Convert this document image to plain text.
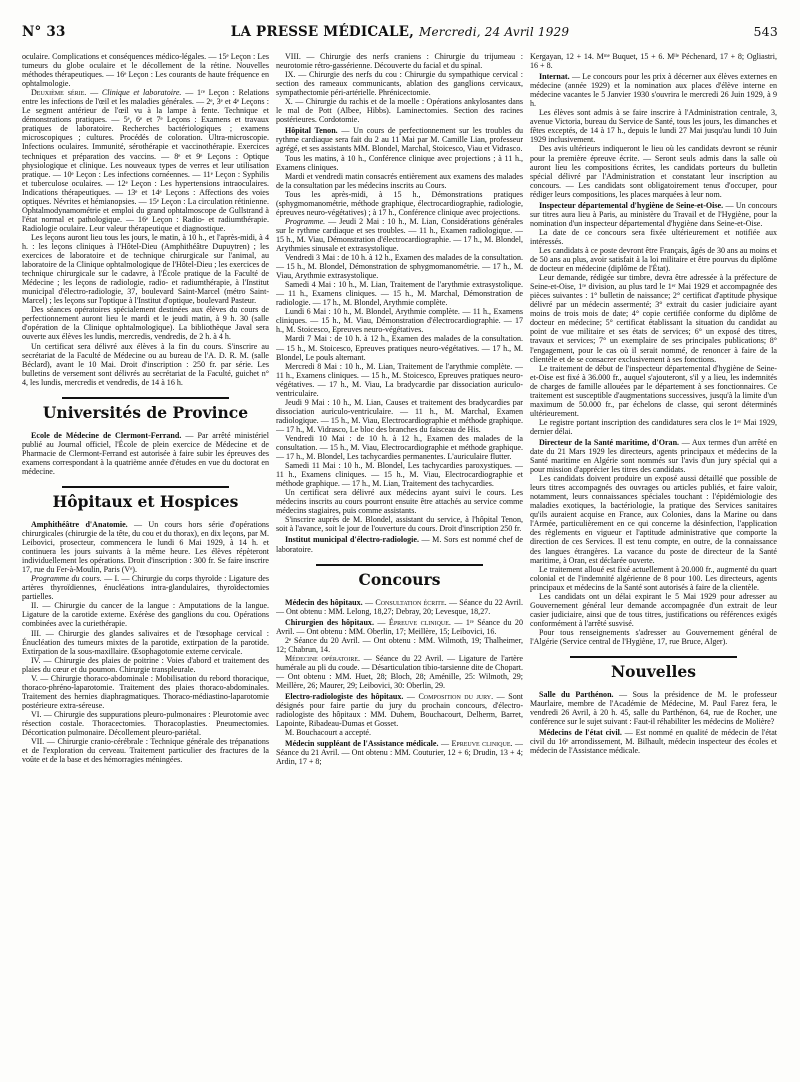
N° 33	LA PRESSE MÉDICALE, Mercredi, 24 Avril 1929	543

oculaire. Complications et conséquences médico-légales. — 15ᵉ Leçon : Les tumeurs du globe oculaire et le décollement de la rétine. Nouvelles méthodes thérapeutiques. — 16ᵉ Leçon : Les courants de haute fréquence en ophtalmologie.

Deuxième série. — Clinique et laboratoire. — 1ʳᵉ Leçon : Relations entre les infections de l'œil et les maladies générales. — 2ᵉ, 3ᵉ et 4ᵉ Leçons : Le segment antérieur de l'œil vu à la lampe à fente. Technique et démonstrations pratiques. — 5ᵉ, 6ᵉ et 7ᵉ Leçons : Examens et travaux pratiques de laboratoire. Recherches bactériologiques ; examens microscopiques ; cultures. Procédés de coloration. Ultra-microscopie. Infections oculaires. Immunité, sérothérapie et vaccinothérapie. Exercices techniques et préparation des vaccins. — 8ᵉ et 9ᵉ Leçons : Optique physiologique et clinique. Les nouveaux types de verres et leur utilisation pratique. — 10ᵉ Leçon : Les infections cornéennes. — 11ᵉ Leçon : Syphilis et tuberculose oculaires. — 12ᵉ Leçon : Les hypertensions intraoculaires. Indications thérapeutiques. — 13ᵉ et 14ᵉ Leçons : Affections des voies optiques. Névrites et hémianopsies. — 15ᵉ Leçon : La circulation rétinienne. Ophtalmodynamométrie et emploi du grand ophtalmoscope de Gullstrand à l'état normal et pathologique. — 16ᵉ Leçon : Radio- et radiumthérapie. Radiologie oculaire. Leur valeur thérapeutique et diagnostique.

Les leçons auront lieu tous les jours, le matin, à 10 h., et l'après-midi, à 4 h. : les leçons cliniques à l'Hôtel-Dieu (Amphithéâtre Dupuytren) ; les exercices de laboratoire et de technique chirurgicale sur l'animal, au laboratoire de la Clinique ophtalmologique de l'Hôtel-Dieu ; les exercices de technique chirurgicale sur le cadavre, à l'École pratique de la Faculté de Médecine ; les leçons de radiologie, radio- et radiumthérapie, à l'Institut municipal d'électro-radiologie, 37, boulevard Saint-Marcel (métro Saint-Marcel) ; les leçons sur l'optique à l'Institut d'optique, boulevard Pasteur.

Des séances opératoires spécialement destinées aux élèves du cours de perfectionnement auront lieu le mardi et le jeudi matin, à 9 h. 30 (salle d'opération de la Clinique ophtalmologique). La bibliothèque Javal sera ouverte aux élèves les lundis, mercredis, vendredis, de 2 h. à 4 h.

Un certificat sera délivré aux élèves à la fin du cours. S'inscrire au secrétariat de la Faculté de Médecine ou au bureau de l'A. D. R. M. (salle Béclard), avant le 10 Mai. Droit d'inscription : 250 fr. par série. Les bulletins de versement sont délivrés au secrétariat de la Faculté, guichet n° 4, les lundis, mercredis et vendredis, de 14 à 16 h.

Universités de Province

Ecole de Médecine de Clermont-Ferrand. — Par arrêté ministériel publié au Journal officiel, l'École de plein exercice de Médecine et de Pharmacie de Clermont-Ferrand est autorisée à faire subir les épreuves des examens correspondant à la quatrième année d'études en vue du doctorat en médecine.

Hôpitaux et Hospices

Amphithéâtre d'Anatomie. — Un cours hors série d'opérations chirurgicales (chirurgie de la tête, du cou et du thorax), en dix leçons, par M. Leibovici, prosecteur, commencera le lundi 6 Mai 1929, à 14 h. et continuera les jours suivants à la même heure. Les élèves répèteront individuellement les opérations. Droit d'inscription : 300 fr. Se faire inscrire 17, rue du Fer-à-Moulin, Paris (Vᵉ).

Programme du cours. — I. — Chirurgie du corps thyroïde : Ligature des artères thyroïdiennes, énucléations intra-glandulaires, thyroïdectomies partielles.

II. — Chirurgie du cancer de la langue : Amputations de la langue. Ligature de la carotide externe. Exérèse des ganglions du cou. Opérations combinées avec la curiethérapie.

III. — Chirurgie des glandes salivaires et de l'œsophage cervical : Énucléation des tumeurs mixtes de la parotide, extirpation de la parotide. Extirpation de la sous-maxillaire. Œsophagotomie externe cervicale.

IV. — Chirurgie des plaies de poitrine : Voies d'abord et traitement des plaies du cœur et du poumon. Chirurgie transpleurale.

V. — Chirurgie thoraco-abdominale : Mobilisation du rebord thoracique, thoraco-phréno-laparotomie. Traitement des plaies thoraco-abdominales. Traitement des hernies diaphragmatiques. Thoraco-médiastino-laparotomie postérieure extra-séreuse.

VI. — Chirurgie des suppurations pleuro-pulmonaires : Pleurotomie avec résection costale. Thoracectomies. Thoracoplasties. Pneumectomies. Décortication pulmonaire. Décollement pleuro-pariétal.

VII. — Chirurgie cranio-cérébrale : Technique générale des trépanations et de l'exploration du cerveau. Traitement particulier des fractures de la voûte et de la base et des hémorragies méningées.

VIII. — Chirurgie des nerfs craniens : Chirurgie du trijumeau : neurotomie rétro-gassérienne. Découverte du facial et du spinal.

IX. — Chirurgie des nerfs du cou : Chirurgie du sympathique cervical : section des rameaux communicants, ablation des ganglions cervicaux, sympathectomie péri-artérielle. Phrénicectomie.

X. — Chirurgie du rachis et de la moelle : Opérations ankylosantes dans le mal de Pott (Albee, Hibbs). Laminectomies. Section des racines postérieures. Cordotomie.

Hôpital Tenon. — Un cours de perfectionnement sur les troubles du rythme cardiaque sera fait du 2 au 11 Mai par M. Camille Lian, professeur agrégé, et ses assistants MM. Blondel, Marchal, Stoicesco, Viau et Vidrasco.

Tous les matins, à 10 h., Conférence clinique avec projections ; à 11 h., Examens cliniques.

Mardi et vendredi matin consacrés entièrement aux examens des malades de la consultation par les médecins inscrits au Cours.

Tous les après-midi, à 15 h., Démonstrations pratiques (sphygmomanométrie, méthode graphique, électrocardiographie, radiologie, épreuves neuro-végétatives) ; à 17 h., Conférence clinique avec projections.

Programme. — Jeudi 2 Mai : 10 h., M. Lian, Considérations générales sur le rythme cardiaque et ses troubles. — 11 h., Examen radiologique. — 15 h., M. Viau, Démonstration d'électrocardiographie. — 17 h., M. Blondel, Arythmies sinusale et extrasystolique.

Vendredi 3 Mai : de 10 h. à 12 h., Examen des malades de la consultation. — 15 h., M. Blondel, Démonstration de sphygmomanométrie. — 17 h., M. Viau, Arythmie extrasystolique.

Samedi 4 Mai : 10 h., M. Lian, Traitement de l'arythmie extrasystolique. — 11 h., Examens cliniques. — 15 h., M. Marchal, Démonstration de radiologie. — 17 h., M. Blondel, Arythmie complète.

Lundi 6 Mai : 10 h., M. Blondel, Arythmie complète. — 11 h., Examens cliniques. — 15 h., M. Viau, Démonstration d'électrocardiographie. — 17 h., M. Stoicesco, Epreuves neuro-végétatives.

Mardi 7 Mai : de 10 h. à 12 h., Examen des malades de la consultation. — 15 h., M. Stoicesco, Epreuves pratiques neuro-végétatives. — 17 h., M. Blondel, Le pouls alternant.

Mercredi 8 Mai : 10 h., M. Lian, Traitement de l'arythmie complète. — 11 h., Examens cliniques. — 15 h., M. Stoicesco, Epreuves pratiques neuro-végétatives. — 17 h., M. Viau, La bradycardie par dissociation auriculo-ventriculaire.

Jeudi 9 Mai : 10 h., M. Lian, Causes et traitement des bradycardies par dissociation auriculo-ventriculaire. — 11 h., M. Marchal, Examen radiologique. — 15 h., M. Viau, Electrocardiographie et méthode graphique. — 17 h., M. Vidrasco, Le bloc des branches du faisceau de His.

Vendredi 10 Mai : de 10 h. à 12 h., Examen des malades de la consultation. — 15 h., M. Viau, Electrocardiographie et méthode graphique. — 17 h., M. Blondel, Les tachycardies permanentes. L'auriculaire flutter.

Samedi 11 Mai : 10 h., M. Blondel, Les tachycardies paroxystiques. — 11 h., Examens cliniques. — 15 h., M. Viau, Electrocardiographie et méthode graphique. — 17 h., M. Lian, Traitement des tachycardies.

Un certificat sera délivré aux médecins ayant suivi le cours. Les médecins inscrits au cours pourront ensuite être attachés au service comme médecins stagiaires, puis comme assistants.

S'inscrire auprès de M. Blondel, assistant du service, à l'hôpital Tenon, soit à l'avance, soit le jour de l'ouverture du cours. Droit d'inscription 250 fr.

Institut municipal d'électro-radiologie. — M. Sors est nommé chef de laboratoire.

Concours

Médecin des hôpitaux. — Consultation écrite. — Séance du 22 Avril. — Ont obtenu : MM. Lelong, 18,27; Debray, 20; Levesque, 18,27.

Chirurgien des hôpitaux. — Épreuve clinique. — 1ʳᵉ Séance du 20 Avril. — Ont obtenu : MM. Oberlin, 17; Meillère, 15; Leibovici, 16.

2ᵉ Séance du 20 Avril. — Ont obtenu : MM. Wilmoth, 19; Thalheimer, 12; Chabrun, 14.

Médecine opératoire. — Séance du 22 Avril. — Ligature de l'artère humérale au pli du coude. — Désarticulation tibio-tarsienne dite de Chopart. — Ont obtenu : MM. Huet, 28; Bloch, 28; Aménille, 25: Wilmoth, 29; Meillère, 26; Maurer, 29; Leibovici, 30: Oberlin, 29.

Electro-radiologiste des hôpitaux. — Composition du jury. — Sont désignés pour faire partie du jury du prochain concours, d'électro-radiologiste des hôpitaux : MM. Duhem, Bouchacourt, Delherm, Barret, Lapointe, Ribadeau-Dumas et Gosset.

M. Bouchacourt a accepté.

Médecin suppléant de l'Assistance médicale. — Epreuve clinique. — Séance du 21 Avril. — Ont obtenu : MM. Couturier, 12 + 6; Drudin, 13 + 4; Ardin, 17 + 8;

Kergayan, 12 + 14. Mᵐᵉ Buquet, 15 + 6. Mˡˡᵉ Péchenard, 17 + 8; Ogliastri, 16 + 8.

Internat. — Le concours pour les prix à décerner aux élèves externes en médecine (année 1929) et la nomination aux places d'élève interne en médecine vacantes le 5 Janvier 1930 s'ouvrira le mercredi 26 Juin 1929, à 9 h.

Les élèves sont admis à se faire inscrire à l'Administration centrale, 3, avenue Victoria, bureau du Service de Santé, tous les jours, les dimanches et fêtes exceptés, de 14 à 17 h., depuis le lundi 27 Mai jusqu'au lundi 10 Juin 1929 inclusivement.

Des avis ultérieurs indiqueront le lieu où les candidats devront se réunir pour la première épreuve écrite. — Seront seuls admis dans la salle où auront lieu les compositions écrites, les candidats porteurs du bulletin spécial délivré par l'Administration et constatant leur inscription au concours. — Les candidats sont obligatoirement tenus d'occuper, pour rédiger leurs compositions, les places marquées à leur nom.

Inspecteur départemental d'hygiène de Seine-et-Oise. — Un concours sur titres aura lieu à Paris, au ministère du Travail et de l'Hygiène, pour la nomination d'un inspecteur départemental d'hygiène dans Seine-et-Oise.

La date de ce concours sera fixée ultérieurement et notifiée aux intéressés.

Les candidats à ce poste devront être Français, âgés de 30 ans au moins et de 50 ans au plus, avoir satisfait à la loi militaire et être pourvus du diplôme de docteur en médecine (diplôme de l'État).

Leur demande, rédigée sur timbre, devra être adressée à la préfecture de Seine-et-Oise, 1ʳᵉ division, au plus tard le 1ᵉʳ Mai 1929 et accompagnée des pièces suivantes : 1° bulletin de naissance; 2° certificat d'aptitude physique délivré par un médecin assermenté; 3° extrait du casier judiciaire ayant moins de trois mois de date; 4° copie certifiée conforme du diplôme de docteur en médecine; 5° certificat établissant la situation du candidat au point de vue militaire et ses états de services; 6° un exposé des titres, travaux et services; 7° un exemplaire de ses principales publications; 8° l'engagement, pour le cas où il serait nommé, de renoncer à faire de la clientèle et de se consacrer exclusivement à ses fonctions.

Le traitement de début de l'inspecteur départemental d'hygiène de Seine-et-Oise est fixé à 36.000 fr., auquel s'ajouteront, s'il y a lieu, les indemnités de charges de famille allouées par le département à ses fonctionnaires. Ce traitement est susceptible d'augmentations successives, jusqu'à la limite d'un maximum de 50.000 fr., par échelons de classe, qui seront déterminés ultérieurement.

Le registre portant inscription des candidatures sera clos le 1ᵉʳ Mai 1929, dernier délai.

Directeur de la Santé maritime, d'Oran. — Aux termes d'un arrêté en date du 21 Mars 1929 les directeurs, agents principaux et médecins de la Santé maritime en Algérie sont nommés sur l'avis d'un jury spécial qui a pour mission d'apprécier les titres des candidats.

Les candidats doivent produire un exposé aussi détaillé que possible de leurs titres accompagnés des ouvrages ou articles publiés, et faire valoir, notamment, leurs connaissances spéciales touchant : l'épidémiologie des maladies exotiques, la bactériologie, la pratique des Services sanitaires qu'ils auraient acquise en France, aux Colonies, dans la Marine ou dans l'Armée, particulièrement en ce qui concerne la désinfection, l'application des règlements en vigueur et l'aptitude administrative que comporte la direction de ces Services. Il est tenu compte, en outre, de la connaissance des langues étrangères. La vacance du poste de directeur de la Santé maritime, à Oran, est déclarée ouverte.

Le traitement alloué est fixé actuellement à 20.000 fr., augmenté du quart colonial et de l'indemnité algérienne de 8 pour 100. Les directeurs, agents principaux et médecins de la Santé sont autorisés à faire de la clientèle.

Les candidats ont un délai expirant le 5 Mai 1929 pour adresser au Gouvernement général leur demande accompagnée d'un extrait de leur casier judiciaire, ainsi que de tous titres, justifications ou références exigés conformément à l'arrêté susvisé.

Pour tous renseignements s'adresser au Gouvernement général de l'Algérie (Service central de l'Hygiène, 17, rue Bruce, Alger).

Nouvelles

Salle du Parthénon. — Sous la présidence de M. le professeur Maurlaire, membre de l'Académie de Médecine, M. Paul Farez fera, le vendredi 26 Avril, à 20 h. 45, salle du Parthénon, 64, rue de Rocher, une conférence sur le sujet suivant : Faut-il réhabiliter les médecins de Molière?

Médecins de l'état civil. — Est nommé en qualité de médecin de l'état civil du 16ᵉ arrondissement, M. Bilhault, médecin inspecteur des écoles et médecin de l'Assistance médicale.
